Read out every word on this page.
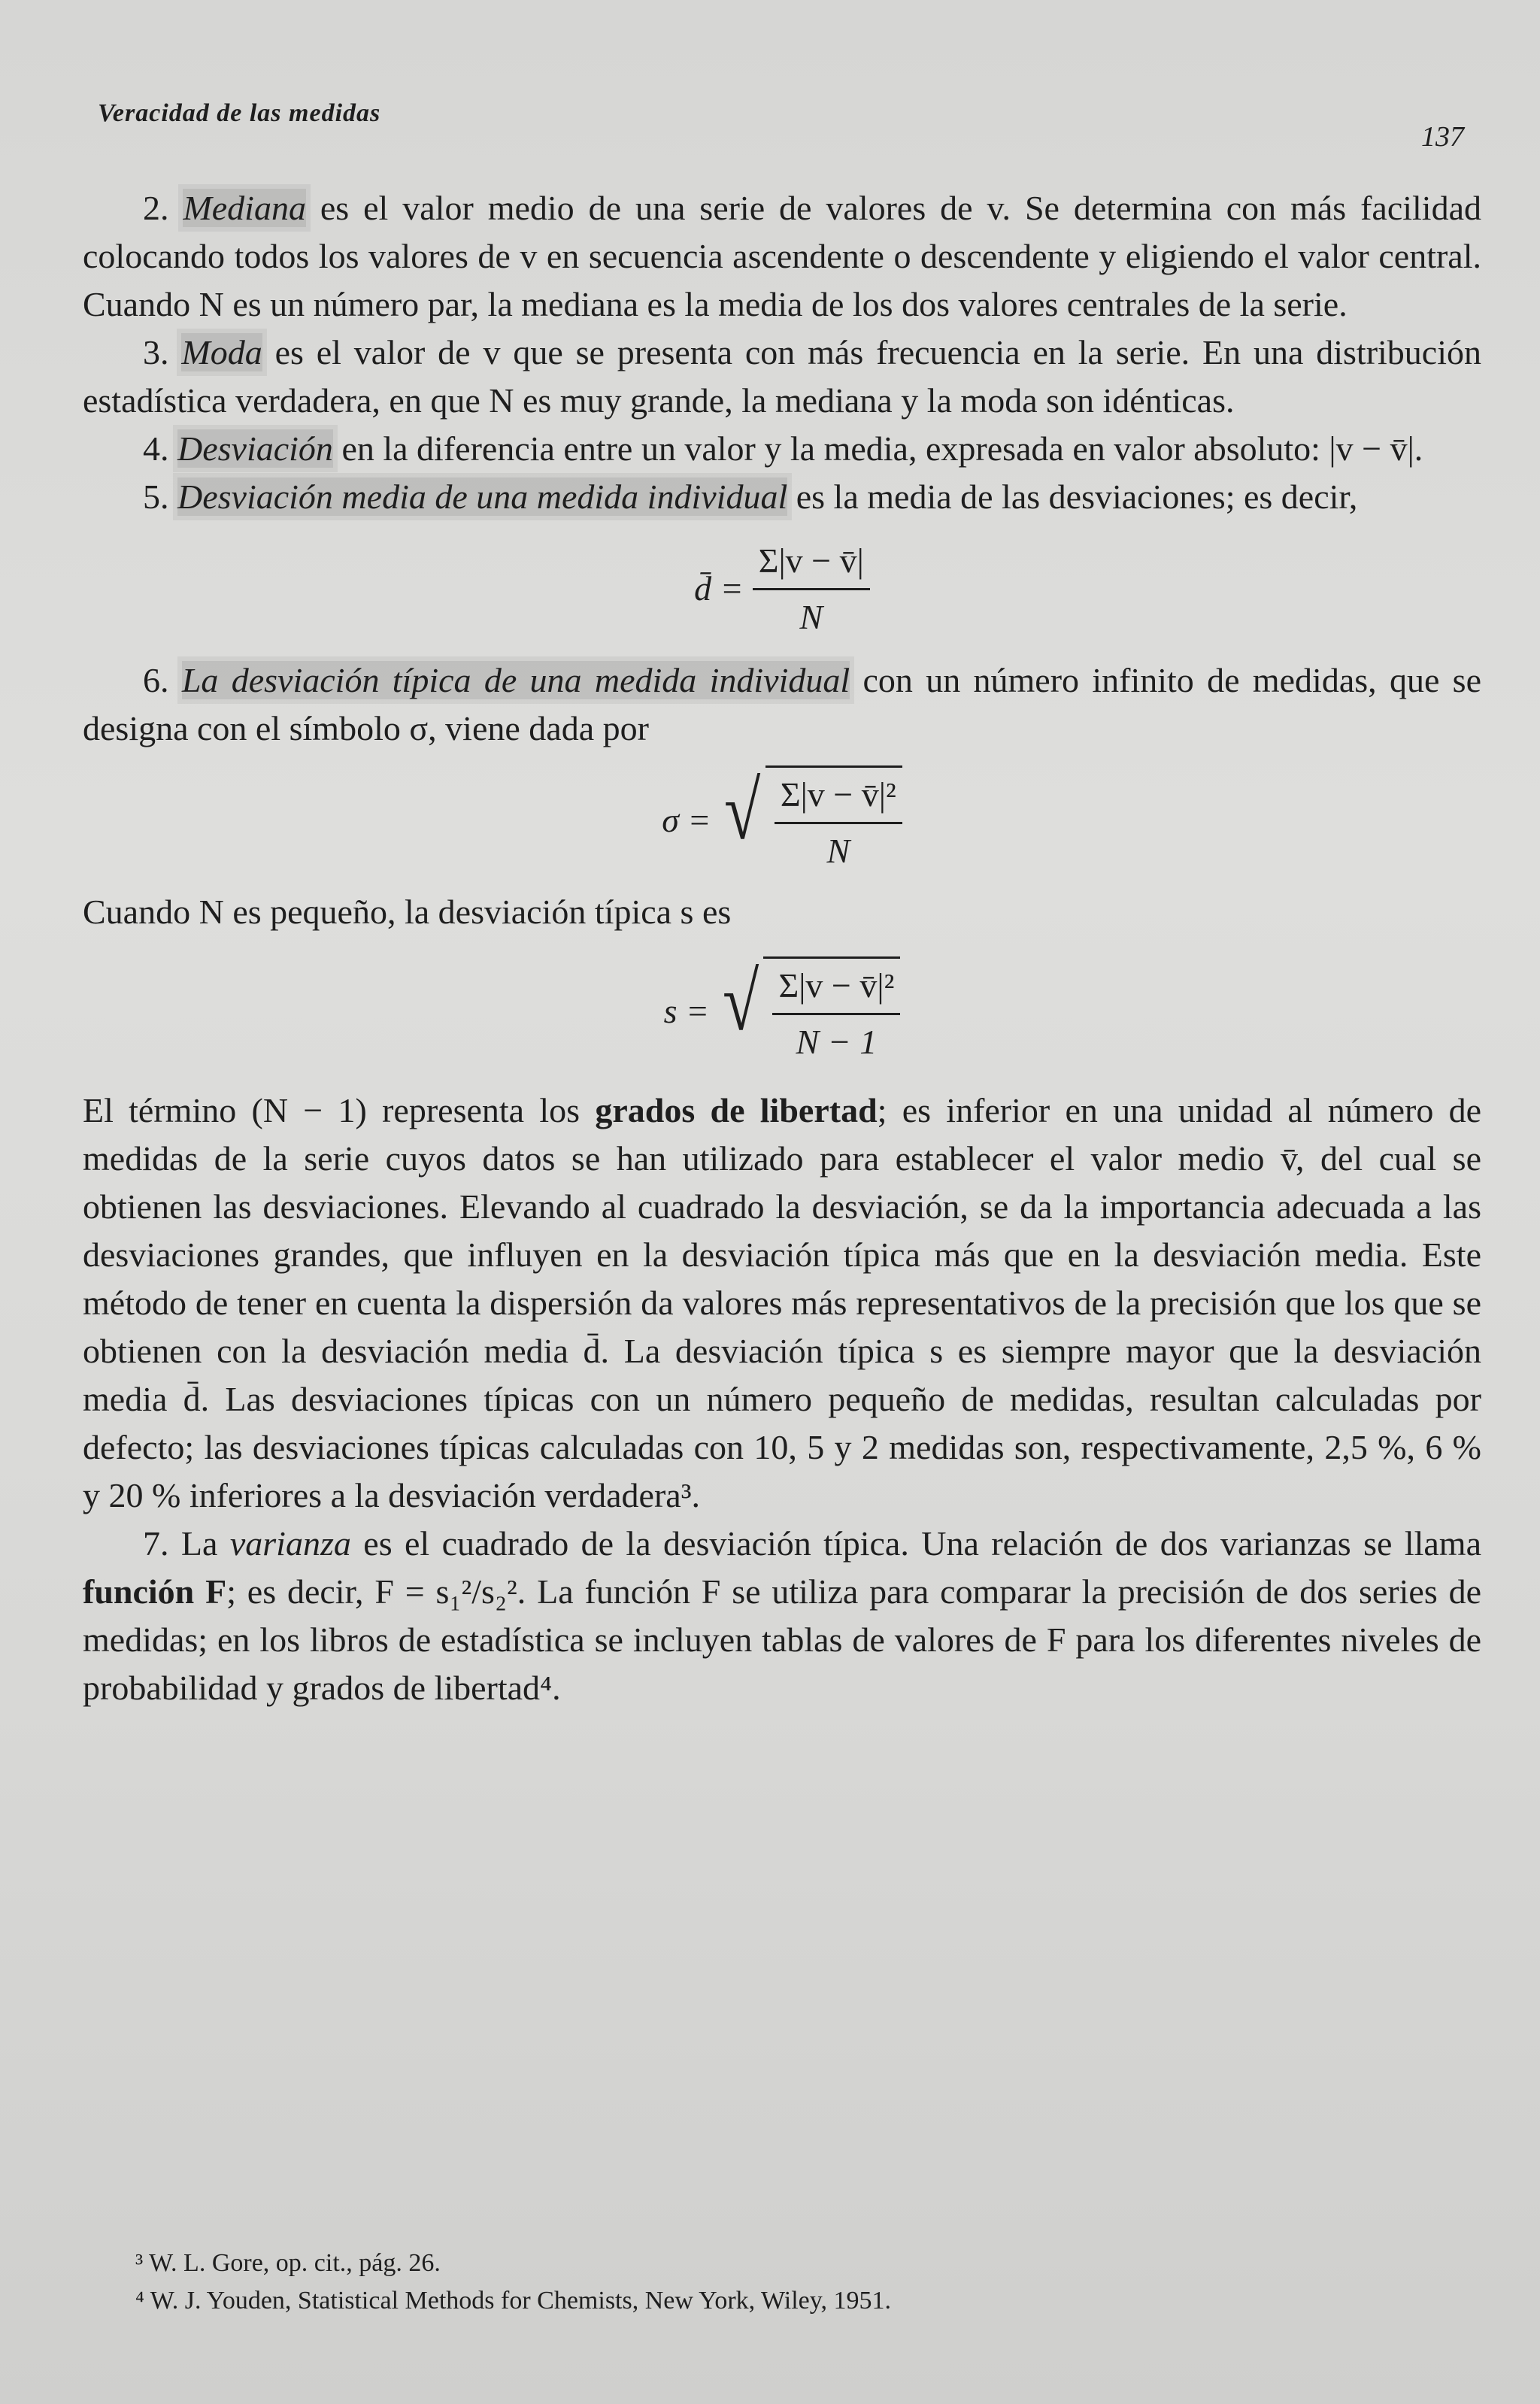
Veracidad de las medidas
137

2. Mediana es el valor medio de una serie de valores de v. Se determina con más facilidad colocando todos los valores de v en secuencia ascendente o descendente y eligiendo el valor central. Cuando N es un número par, la mediana es la media de los dos valores centrales de la serie.

3. Moda es el valor de v que se presenta con más frecuencia en la serie. En una distribución estadística verdadera, en que N es muy grande, la mediana y la moda son idénticas.

4. Desviación en la diferencia entre un valor y la media, expresada en valor absoluto: |v − v̄|.

5. Desviación media de una medida individual es la media de las desviaciones; es decir,

d̄ = $\frac{\Sigma|v - v̄|}{N}$

6. La desviación típica de una medida individual con un número infinito de medidas, que se designa con el símbolo σ, viene dada por

σ = √ $\frac{\text{Σ|v − v̄|²}}{N}$

Cuando N es pequeño, la desviación típica s es

s = √ $\frac{\text{Σ|v − v̄|²}}{N - 1}$

El término (N − 1) representa los grados de libertad; es inferior en una unidad al número de medidas de la serie cuyos datos se han utilizado para establecer el valor medio v̄, del cual se obtienen las desviaciones. Elevando al cuadrado la desviación, se da la importancia adecuada a las desviaciones grandes, que influyen en la desviación típica más que en la desviación media. Este método de tener en cuenta la dispersión da valores más representativos de la precisión que los que se obtienen con la desviación media d̄. La desviación típica s es siempre mayor que la desviación media d̄. Las desviaciones típicas con un número pequeño de medidas, resultan calculadas por defecto; las desviaciones típicas calculadas con 10, 5 y 2 medidas son, respectivamente, 2,5 %, 6 % y 20 % inferiores a la desviación verdadera³.

7. La varianza es el cuadrado de la desviación típica. Una relación de dos varianzas se llama función F; es decir, F = s₁²/s₂². La función F se utiliza para comparar la precisión de dos series de medidas; en los libros de estadística se incluyen tablas de valores de F para los diferentes niveles de probabilidad y grados de libertad⁴.

³ W. L. Gore, op. cit., pág. 26.
⁴ W. J. Youden, Statistical Methods for Chemists, New York, Wiley, 1951.
